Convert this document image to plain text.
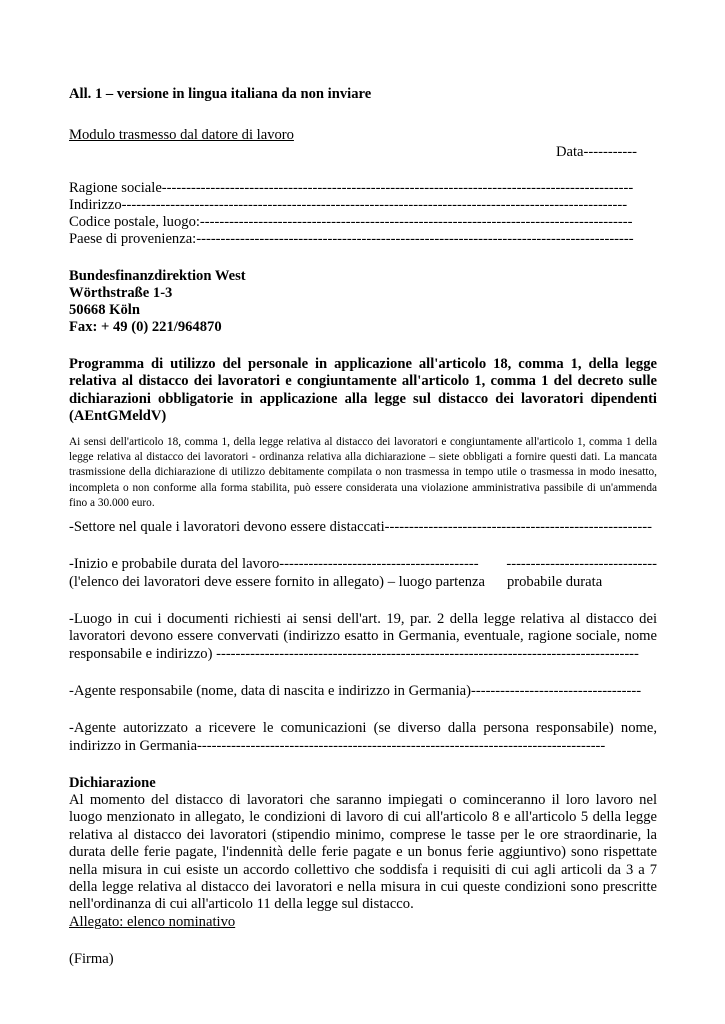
All. 1 – versione in lingua italiana da non inviare
Modulo trasmesso dal datore di lavoro
Data-----------
Ragione sociale-------------------------------------------------------------------------------------------------
Indirizzo--------------------------------------------------------------------------------------------------------
Codice postale, luogo:-----------------------------------------------------------------------------------------
Paese di provenienza:------------------------------------------------------------------------------------------
Bundesfinanzdirektion West
Wörthstraße 1-3
50668 Köln
Fax: + 49 (0) 221/964870
Programma di utilizzo del personale in applicazione all'articolo 18, comma 1, della legge relativa al distacco dei lavoratori e congiuntamente all'articolo 1, comma 1 del decreto sulle dichiarazioni obbligatorie in applicazione alla legge sul distacco dei lavoratori dipendenti (AEntGMeldV)
Ai sensi dell'articolo 18, comma 1, della legge relativa al distacco dei lavoratori e congiuntamente all'articolo 1, comma 1 della legge relativa al distacco dei lavoratori - ordinanza relativa alla dichiarazione – siete obbligati a fornire questi dati. La mancata trasmissione della dichiarazione di utilizzo debitamente compilata o non trasmessa in tempo utile o trasmessa in modo inesatto, incompleta o non conforme alla forma stabilita, può essere considerata una violazione amministrativa passibile di un'ammenda fino a 30.000 euro.
-Settore nel quale i lavoratori devono essere distaccati-------------------------------------------------------
-Inizio e probabile durata del lavoro----------------------------------------- -------------------------------
(l'elenco dei lavoratori deve essere fornito in allegato) – luogo partenza probabile durata
-Luogo in cui i documenti richiesti ai sensi dell'art. 19, par. 2 della legge relativa al distacco dei lavoratori devono essere convervati (indirizzo esatto in Germania, eventuale, ragione sociale, nome responsabile e indirizzo) ---------------------------------------------------------------------------------------
-Agente responsabile (nome, data di nascita e indirizzo in Germania)-----------------------------------
-Agente autorizzato a ricevere le comunicazioni (se diverso dalla persona responsabile) nome, indirizzo in Germania------------------------------------------------------------------------------------
Dichiarazione
Al momento del distacco di lavoratori che saranno impiegati o cominceranno il loro lavoro nel luogo menzionato in allegato, le condizioni di lavoro di cui all'articolo 8 e all'articolo 5 della legge relativa al distacco dei lavoratori (stipendio minimo, comprese le tasse per le ore straordinarie, la durata delle ferie pagate, l'indennità delle ferie pagate e un bonus ferie aggiuntivo) sono rispettate nella misura in cui esiste un accordo collettivo che soddisfa i requisiti di cui agli articoli da 3 a 7 della legge relativa al distacco dei lavoratori e nella misura in cui queste condizioni sono prescritte nell'ordinanza di cui all'articolo 11 della legge sul distacco.
Allegato: elenco nominativo
(Firma)
